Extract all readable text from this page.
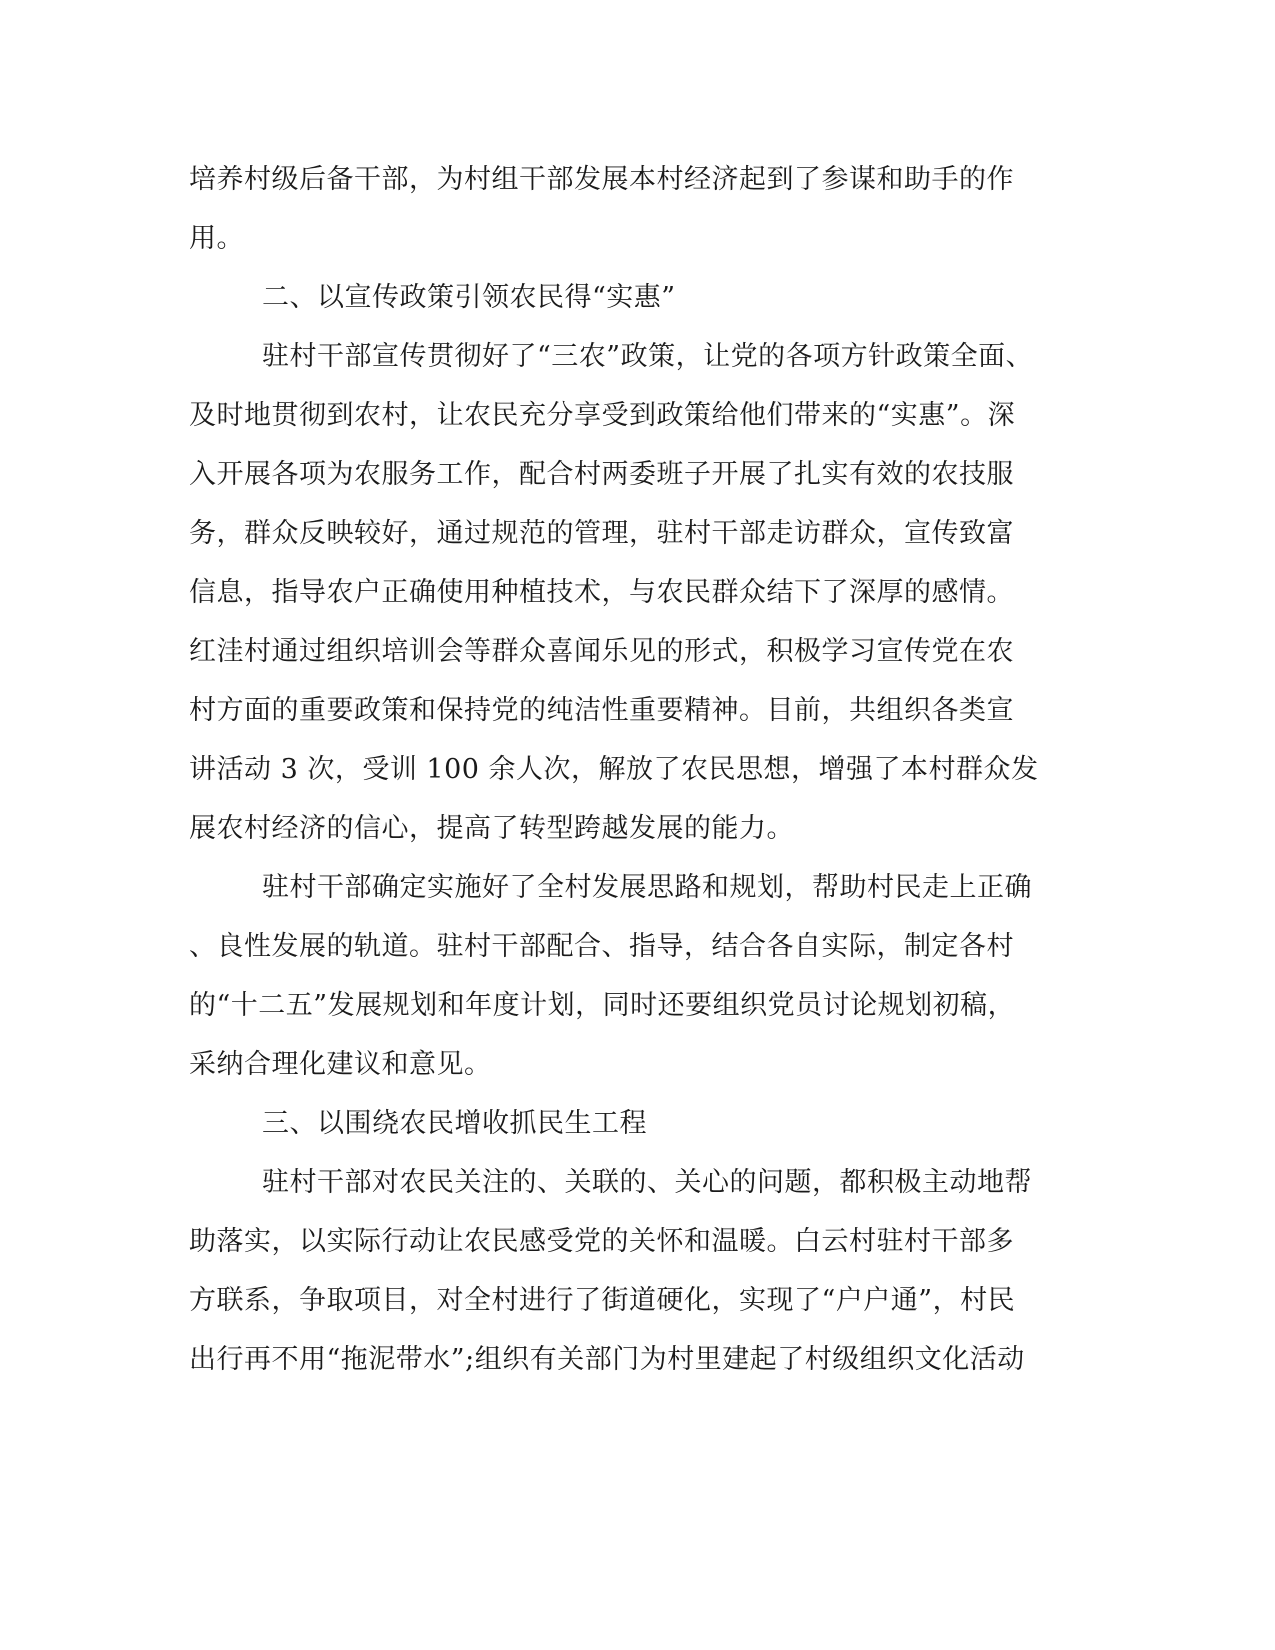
培养村级后备干部，为村组干部发展本村经济起到了参谋和助手的作
用。
二、以宣传政策引领农民得“实惠”
驻村干部宣传贯彻好了“三农”政策，让党的各项方针政策全面、
及时地贯彻到农村，让农民充分享受到政策给他们带来的“实惠”。深
入开展各项为农服务工作，配合村两委班子开展了扎实有效的农技服
务，群众反映较好，通过规范的管理，驻村干部走访群众，宣传致富
信息，指导农户正确使用种植技术，与农民群众结下了深厚的感情。
红洼村通过组织培训会等群众喜闻乐见的形式，积极学习宣传党在农
村方面的重要政策和保持党的纯洁性重要精神。目前，共组织各类宣
讲活动 3 次，受训 100 余人次，解放了农民思想，增强了本村群众发
展农村经济的信心，提高了转型跨越发展的能力。
驻村干部确定实施好了全村发展思路和规划，帮助村民走上正确
、良性发展的轨道。驻村干部配合、指导，结合各自实际，制定各村
的“十二五”发展规划和年度计划，同时还要组织党员讨论规划初稿，
采纳合理化建议和意见。
三、以围绕农民增收抓民生工程
驻村干部对农民关注的、关联的、关心的问题，都积极主动地帮
助落实，以实际行动让农民感受党的关怀和温暖。白云村驻村干部多
方联系，争取项目，对全村进行了街道硬化，实现了“户户通”，村民
出行再不用“拖泥带水”;组织有关部门为村里建起了村级组织文化活动
